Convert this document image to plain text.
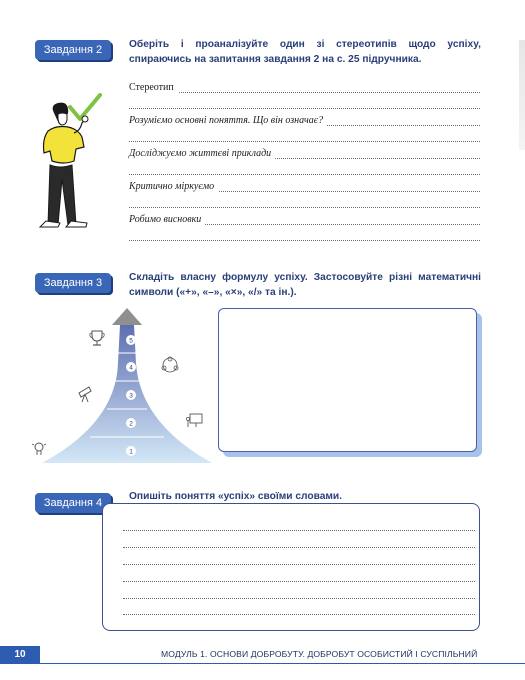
Завдання 2	Оберіть і проаналізуйте один зі стереотипів щодо успіху, спираючись на запитання завдання 2 на с. 25 підручника.
Стереотип
Розуміємо основні поняття. Що він означає?
Досліджуємо життєві приклади
Критично міркуємо
Робимо висновки
Завдання 3	Складіть власну формулу успіху. Застосовуйте різні математичні символи («+», «–», «×», «/» та ін.).
5
4
3
2
1
Завдання 4
Опишіть поняття «успіх» своїми словами.
10	МОДУЛЬ 1. ОСНОВИ ДОБРОБУТУ. ДОБРОБУТ ОСОБИСТИЙ І СУСПІЛЬНИЙ
